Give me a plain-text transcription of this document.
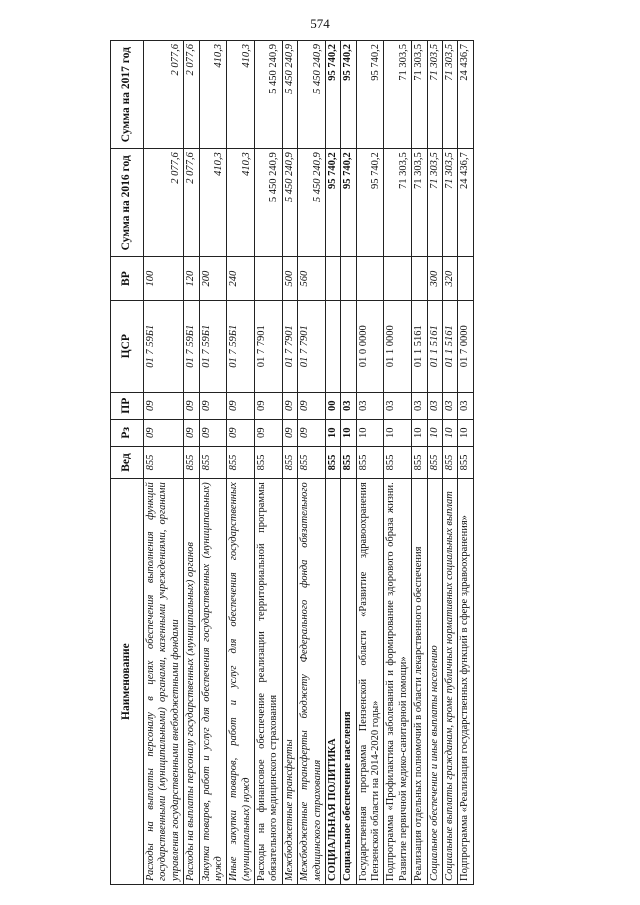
574
Наименование	Вед	Рз	ПР	ЦСР	ВР	Сумма на 2016 год	Сумма на 2017 год
Расходы на выплаты персоналу в целях обеспечения выполнения функций государственными (муниципальными) органами, казенными учреждениями, органами управления государственными внебюджетными фондами	855	09	09	01 7 59Б1	100	2 077,6	2 077,6
Расходы на выплаты персоналу государственных (муниципальных) органов	855	09	09	01 7 59Б1	120	2 077,6	2 077,6
Закупка товаров, работ и услуг для обеспечения государственных (муниципальных) нужд	855	09	09	01 7 59Б1	200	410,3	410,3
Иные закупки товаров, работ и услуг для обеспечения государственных (муниципальных) нужд	855	09	09	01 7 59Б1	240	410,3	410,3
Расходы на финансовое обеспечение реализации территориальной программы обязательного медицинского страхования	855	09	09	01 7 7901		5 450 240,9	5 450 240,9
Межбюджетные трансферты	855	09	09	01 7 7901	500	5 450 240,9	5 450 240,9
Межбюджетные трансферты бюджету Федерального фонда обязательного медицинского страхования	855	09	09	01 7 7901	560	5 450 240,9	5 450 240,9
СОЦИАЛЬНАЯ ПОЛИТИКА	855	10	00			95 740,2	95 740,2
Социальное обеспечение населения	855	10	03			95 740,2	95 740,2
Государственная программа Пензенской области «Развитие здравоохранения Пензенской области на 2014-2020 годы»	855	10	03	01 0 0000		95 740,2	95 740,2
Подпрограмма «Профилактика заболеваний и формирование здорового образа жизни. Развитие первичной медико-санитарной помощи»	855	10	03	01 1 0000		71 303,5	71 303,5
Реализация отдельных полномочий в области лекарственного обеспечения	855	10	03	01 1 5161		71 303,5	71 303,5
Социальное обеспечение и иные выплаты населению	855	10	03	01 1 5161	300	71 303,5	71 303,5
Социальные выплаты гражданам, кроме публичных нормативных социальных выплат	855	10	03	01 1 5161	320	71 303,5	71 303,5
Подпрограмма «Реализация государственных функций в сфере здравоохранения»	855	10	03	01 7 0000		24 436,7	24 436,7
